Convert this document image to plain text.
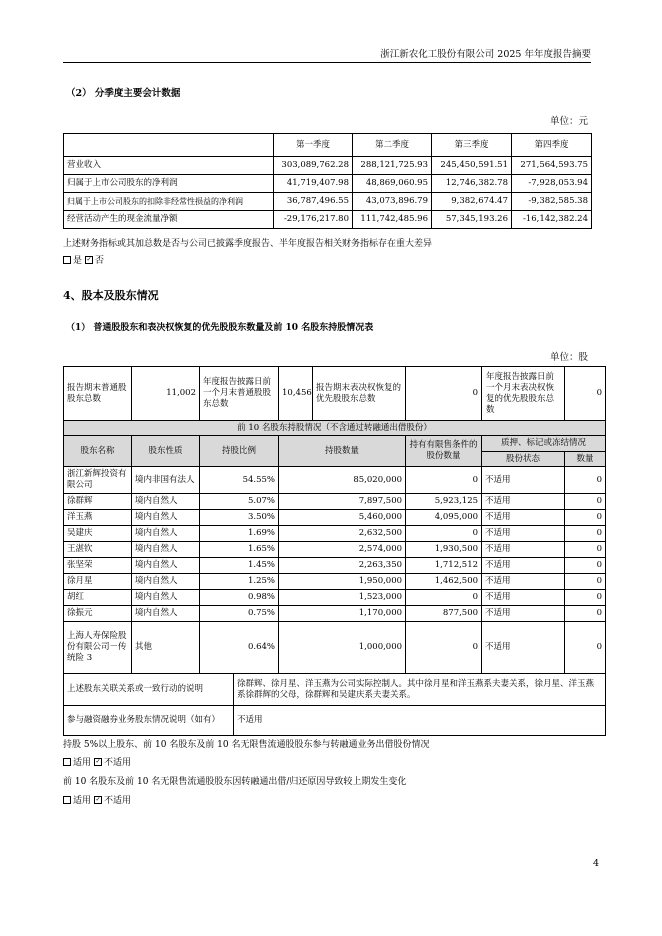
浙江新农化工股份有限公司 2025 年年度报告摘要
（2） 分季度主要会计数据
单位：元
	第一季度	第二季度	第三季度	第四季度
营业收入	303,089,762.28	288,121,725.93	245,450,591.51	271,564,593.75
归属于上市公司股东的净利润	41,719,407.98	48,869,060.95	12,746,382.78	-7,928,053.94
归属于上市公司股东的扣除非经常性损益的净利润	36,787,496.55	43,073,896.79	9,382,674.47	-9,382,585.38
经营活动产生的现金流量净额	-29,176,217.80	111,742,485.96	57,345,193.26	-16,142,382.24
上述财务指标或其加总数是否与公司已披露季度报告、半年度报告相关财务指标存在重大差异
是 ✓ 否
4、股本及股东情况
（1） 普通股股东和表决权恢复的优先股股东数量及前 10 名股东持股情况表
单位：股
报告期末普通股股东总数	11,002	年度报告披露日前一个月末普通股股东总数		10,456	报告期末表决权恢复的优先股股东总数	0	年度报告披露日前一个月末表决权恢复的优先股股东总数	0
前 10 名股东持股情况（不含通过转融通出借股份）								
股东名称	股东性质	持股比例		持股数量		持有有限售条件的股份数量	质押、标记或冻结情况	
							股份状态	数量
浙江新辉投资有限公司	境内非国有法人	54.55%		85,020,000		0	不适用	0
徐群辉	境内自然人	5.07%		7,897,500		5,923,125	不适用	0
洋玉燕	境内自然人	3.50%		5,460,000		4,095,000	不适用	0
吴建庆	境内自然人	1.69%		2,632,500		0	不适用	0
王湛钦	境内自然人	1.65%		2,574,000		1,930,500	不适用	0
张坚荣	境内自然人	1.45%		2,263,350		1,712,512	不适用	0
徐月星	境内自然人	1.25%		1,950,000		1,462,500	不适用	0
胡红	境内自然人	0.98%		1,523,000		0	不适用	0
徐振元	境内自然人	0.75%		1,170,000		877,500	不适用	0
上海人寿保险股份有限公司－传统险 3	其他	0.64%		1,000,000		0	不适用	0
上述股东关联关系或一致行动的说明			徐群辉、徐月星、洋玉燕为公司实际控制人。其中徐月星和洋玉燕系夫妻关系，徐月星、洋玉燕系徐群辉的父母，徐群辉和吴建庆系夫妻关系。					
参与融资融券业务股东情况说明（如有）			不适用					
持股 5%以上股东、前 10 名股东及前 10 名无限售流通股股东参与转融通业务出借股份情况
适用 ✓ 不适用
前 10 名股东及前 10 名无限售流通股股东因转融通出借/归还原因导致较上期发生变化
适用 ✓ 不适用
4
